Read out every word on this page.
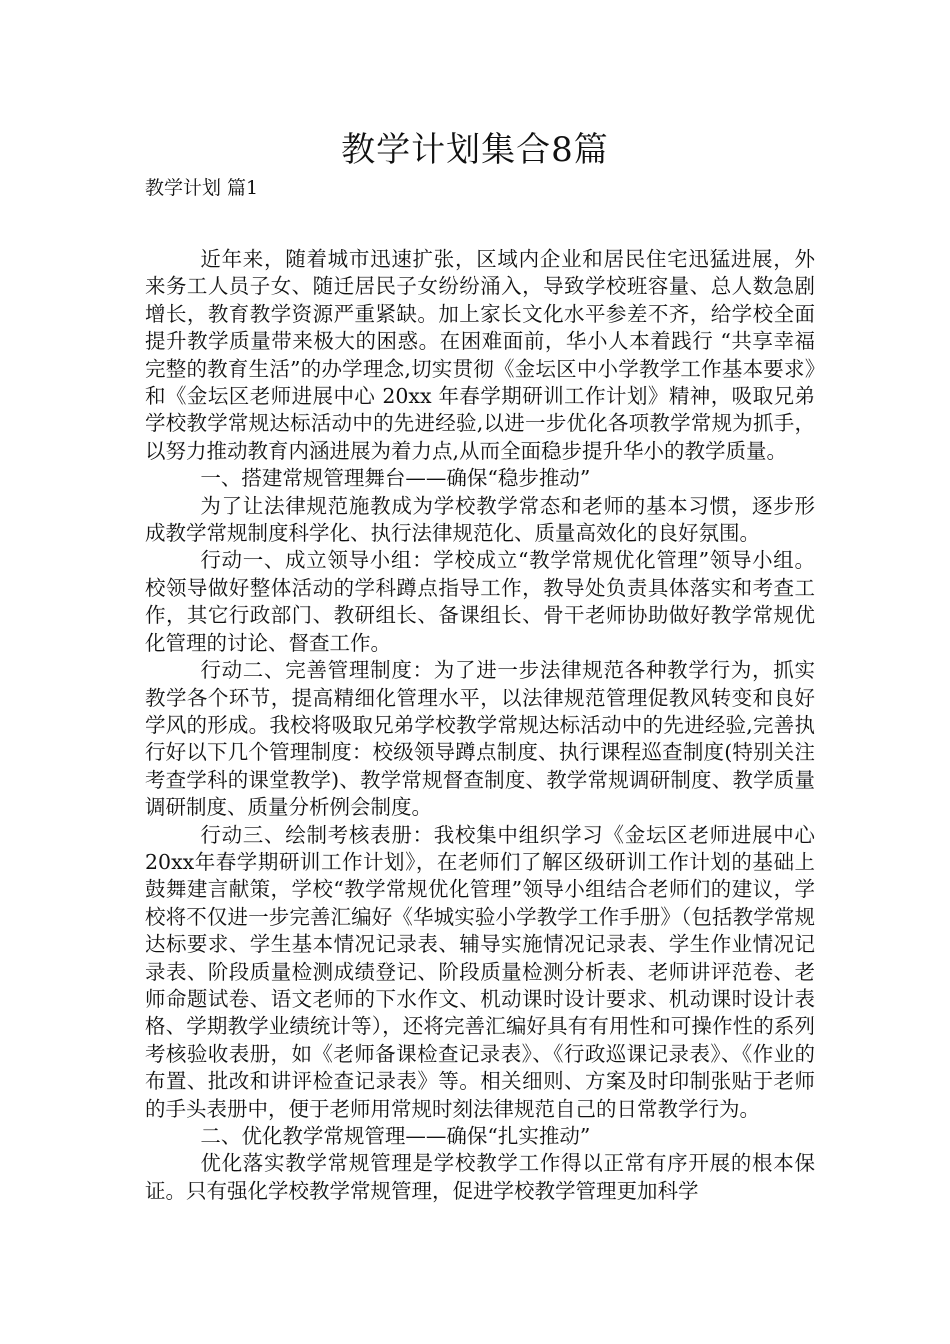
教学计划集合8篇
教学计划 篇1

近年来，随着城市迅速扩张，区域内企业和居民住宅迅猛进展，外来务工人员子女、随迁居民子女纷纷涌入，导致学校班容量、总人数急剧增长，教育教学资源严重紧缺。加上家长文化水平参差不齐，给学校全面提升教学质量带来极大的困惑。在困难面前，华小人本着践行 “共享幸福完整的教育生活”的办学理念,切实贯彻《金坛区中小学教学工作基本要求》和《金坛区老师进展中心 20xx 年春学期研训工作计划》精神，吸取兄弟学校教学常规达标活动中的先进经验,以进一步优化各项教学常规为抓手，以努力推动教育内涵进展为着力点,从而全面稳步提升华小的教学质量。

一、搭建常规管理舞台——确保“稳步推动”

为了让法律规范施教成为学校教学常态和老师的基本习惯，逐步形成教学常规制度科学化、执行法律规范化、质量高效化的良好氛围。

行动一、成立领导小组：学校成立“教学常规优化管理”领导小组。校领导做好整体活动的学科蹲点指导工作，教导处负责具体落实和考查工作，其它行政部门、教研组长、备课组长、骨干老师协助做好教学常规优化管理的讨论、督查工作。

行动二、完善管理制度：为了进一步法律规范各种教学行为，抓实教学各个环节，提高精细化管理水平，以法律规范管理促教风转变和良好学风的形成。我校将吸取兄弟学校教学常规达标活动中的先进经验,完善执行好以下几个管理制度：校级领导蹲点制度、执行课程巡查制度(特别关注考查学科的课堂教学)、教学常规督查制度、教学常规调研制度、教学质量调研制度、质量分析例会制度。

行动三、绘制考核表册：我校集中组织学习《金坛区老师进展中心20xx年春学期研训工作计划》，在老师们了解区级研训工作计划的基础上鼓舞建言献策，学校“教学常规优化管理”领导小组结合老师们的建议，学校将不仅进一步完善汇编好《华城实验小学教学工作手册》（包括教学常规达标要求、学生基本情况记录表、辅导实施情况记录表、学生作业情况记录表、阶段质量检测成绩登记、阶段质量检测分析表、老师讲评范卷、老师命题试卷、语文老师的下水作文、机动课时设计要求、机动课时设计表格、学期教学业绩统计等），还将完善汇编好具有有用性和可操作性的系列考核验收表册，如《老师备课检查记录表》、《行政巡课记录表》、《作业的布置、批改和讲评检查记录表》等。相关细则、方案及时印制张贴于老师的手头表册中，便于老师用常规时刻法律规范自己的日常教学行为。

二、优化教学常规管理——确保“扎实推动”

优化落实教学常规管理是学校教学工作得以正常有序开展的根本保证。只有强化学校教学常规管理，促进学校教学管理更加科学
